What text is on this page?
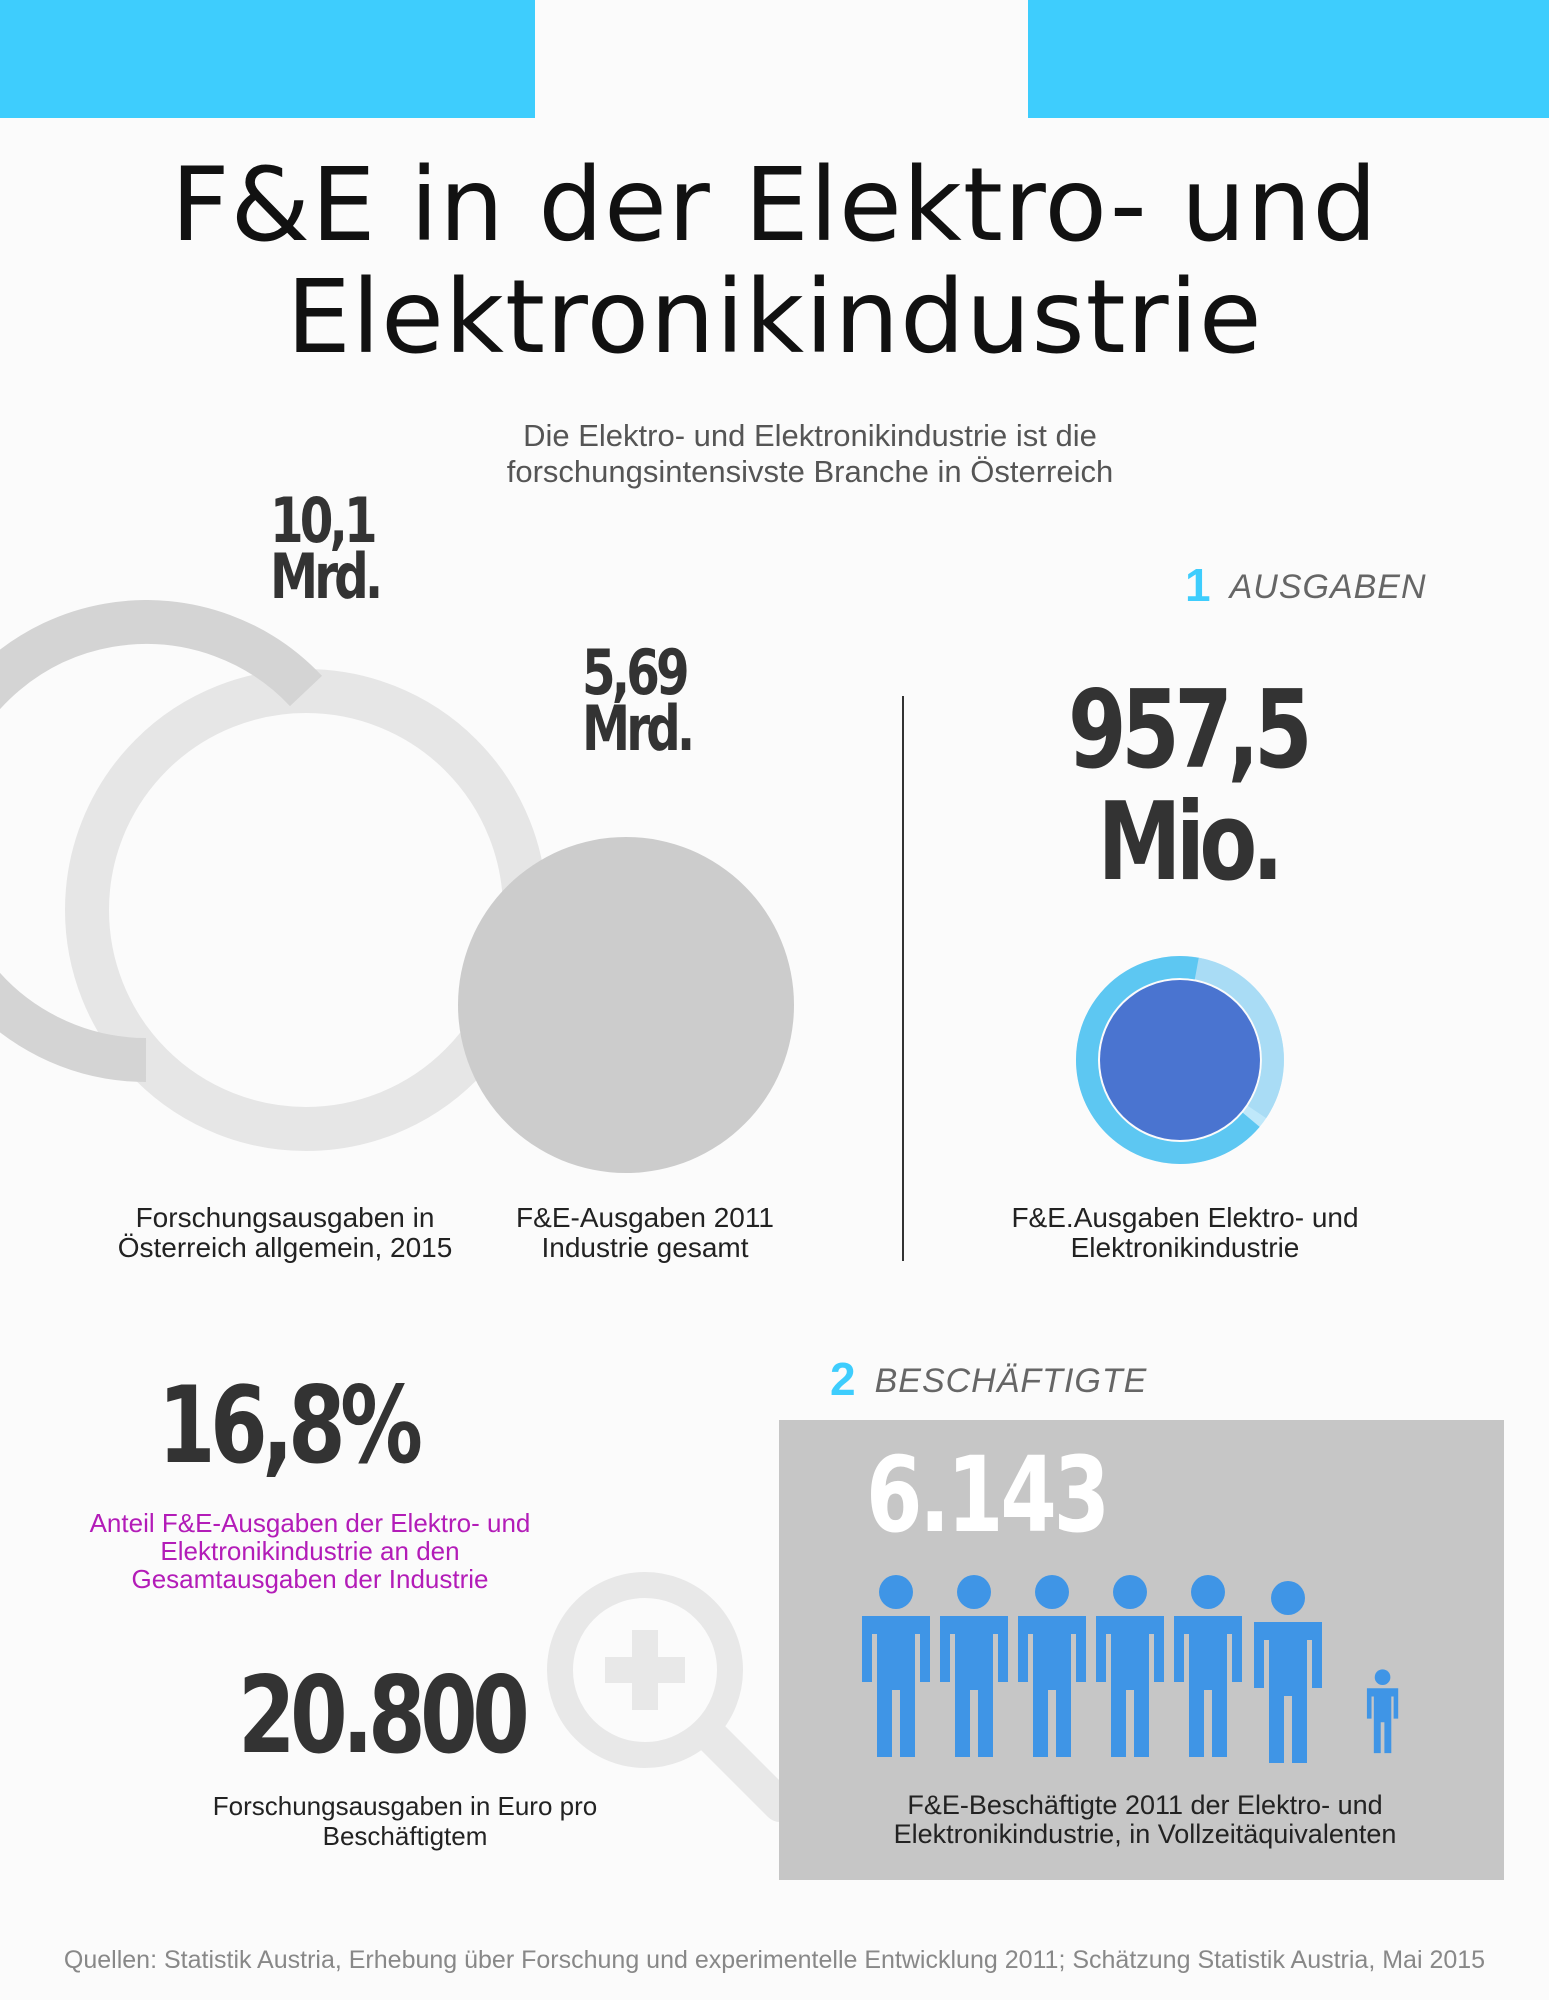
F&E in der Elektro- und
Elektronikindustrie
Die Elektro- und Elektronikindustrie ist die
forschungsintensivste Branche in Österreich
10,1
Mrd.
5,69
Mrd.
Forschungsausgaben in
Österreich allgemein, 2015
F&E-Ausgaben 2011
Industrie gesamt
1 AUSGABEN
957,5
Mio.
F&E.Ausgaben Elektro- und
Elektronikindustrie
16,8%
Anteil F&E-Ausgaben der Elektro- und
Elektronikindustrie an den
Gesamtausgaben der Industrie
20.800
Forschungsausgaben in Euro pro
Beschäftigtem
2 BESCHÄFTIGTE
6.143
F&E-Beschäftigte 2011 der Elektro- und
Elektronikindustrie, in Vollzeitäquivalenten
Quellen: Statistik Austria, Erhebung über Forschung und experimentelle Entwicklung 2011; Schätzung Statistik Austria, Mai 2015
